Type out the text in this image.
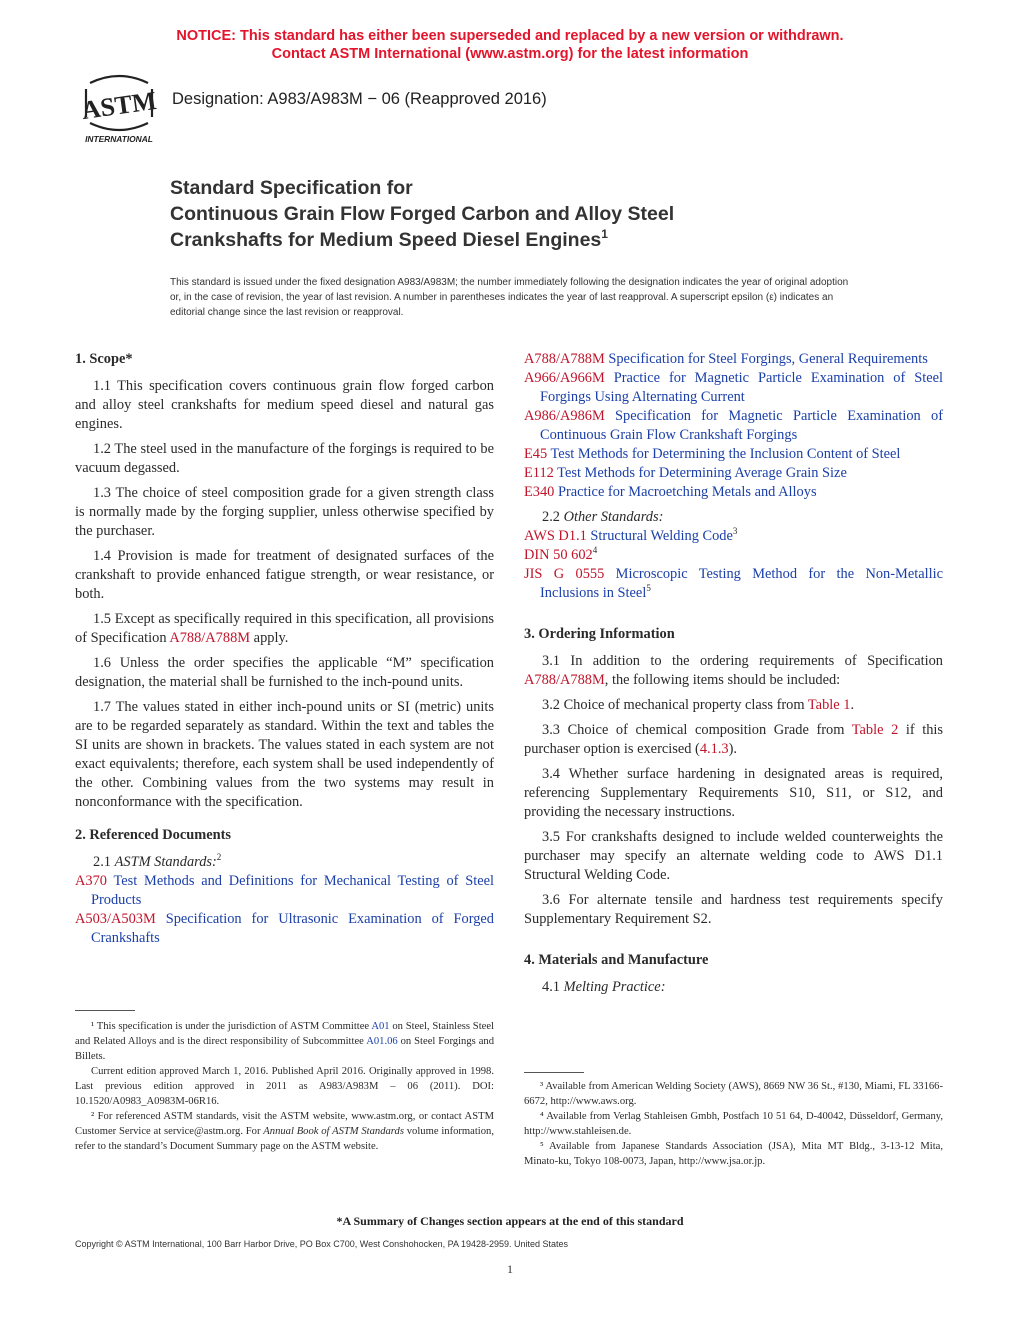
NOTICE: This standard has either been superseded and replaced by a new version or withdrawn.
Contact ASTM International (www.astm.org) for the latest information
ASTM
INTERNATIONAL
Designation: A983/A983M − 06 (Reapproved 2016)
Standard Specification for
Continuous Grain Flow Forged Carbon and Alloy Steel
Crankshafts for Medium Speed Diesel Engines$^1$
This standard is issued under the fixed designation A983/A983M; the number immediately following the designation indicates the year of original adoption or, in the case of revision, the year of last revision. A number in parentheses indicates the year of last reapproval. A superscript epsilon (ε) indicates an editorial change since the last revision or reapproval.
1. Scope*

1.1 This specification covers continuous grain flow forged carbon and alloy steel crankshafts for medium speed diesel and natural gas engines.

1.2 The steel used in the manufacture of the forgings is required to be vacuum degassed.

1.3 The choice of steel composition grade for a given strength class is normally made by the forging supplier, unless otherwise specified by the purchaser.

1.4 Provision is made for treatment of designated surfaces of the crankshaft to provide enhanced fatigue strength, or wear resistance, or both.

1.5 Except as specifically required in this specification, all provisions of Specification A788/A788M apply.

1.6 Unless the order specifies the applicable “M” specification designation, the material shall be furnished to the inch-pound units.

1.7 The values stated in either inch-pound units or SI (metric) units are to be regarded separately as standard. Within the text and tables the SI units are shown in brackets. The values stated in each system are not exact equivalents; therefore, each system shall be used independently of the other. Combining values from the two systems may result in nonconformance with the specification.

2. Referenced Documents

2.1 ASTM Standards:$^2$

A370 Test Methods and Definitions for Mechanical Testing of Steel Products

A503/A503M Specification for Ultrasonic Examination of Forged Crankshafts

¹ This specification is under the jurisdiction of ASTM Committee A01 on Steel, Stainless Steel and Related Alloys and is the direct responsibility of Subcommittee A01.06 on Steel Forgings and Billets.

Current edition approved March 1, 2016. Published April 2016. Originally approved in 1998. Last previous edition approved in 2011 as A983/A983M – 06 (2011). DOI: 10.1520/A0983_A0983M-06R16.

² For referenced ASTM standards, visit the ASTM website, www.astm.org, or contact ASTM Customer Service at service@astm.org. For Annual Book of ASTM Standards volume information, refer to the standard’s Document Summary page on the ASTM website.

A788/A788M Specification for Steel Forgings, General Requirements

A966/A966M Practice for Magnetic Particle Examination of Steel Forgings Using Alternating Current

A986/A986M Specification for Magnetic Particle Examination of Continuous Grain Flow Crankshaft Forgings

E45 Test Methods for Determining the Inclusion Content of Steel

E112 Test Methods for Determining Average Grain Size

E340 Practice for Macroetching Metals and Alloys

2.2 Other Standards:

AWS D1.1 Structural Welding Code$^3$

DIN 50 $602^4$

JIS G 0555 Microscopic Testing Method for the Non-Metallic Inclusions in Steel$^5$

3. Ordering Information

3.1 In addition to the ordering requirements of Specification A788/A788M, the following items should be included:

3.2 Choice of mechanical property class from Table 1.

3.3 Choice of chemical composition Grade from Table 2 if this purchaser option is exercised (4.1.3).

3.4 Whether surface hardening in designated areas is required, referencing Supplementary Requirements S10, S11, or S12, and providing the necessary instructions.

3.5 For crankshafts designed to include welded counterweights the purchaser may specify an alternate welding code to AWS D1.1 Structural Welding Code.

3.6 For alternate tensile and hardness test requirements specify Supplementary Requirement S2.

4. Materials and Manufacture

4.1 Melting Practice:

³ Available from American Welding Society (AWS), 8669 NW 36 St., #130, Miami, FL 33166-6672, http://www.aws.org.

⁴ Available from Verlag Stahleisen Gmbh, Postfach 10 51 64, D-40042, Düsseldorf, Germany, http://www.stahleisen.de.

⁵ Available from Japanese Standards Association (JSA), Mita MT Bldg., 3-13-12 Mita, Minato-ku, Tokyo 108-0073, Japan, http://www.jsa.or.jp.

*A Summary of Changes section appears at the end of this standard
Copyright © ASTM International, 100 Barr Harbor Drive, PO Box C700, West Conshohocken, PA 19428-2959. United States
1
